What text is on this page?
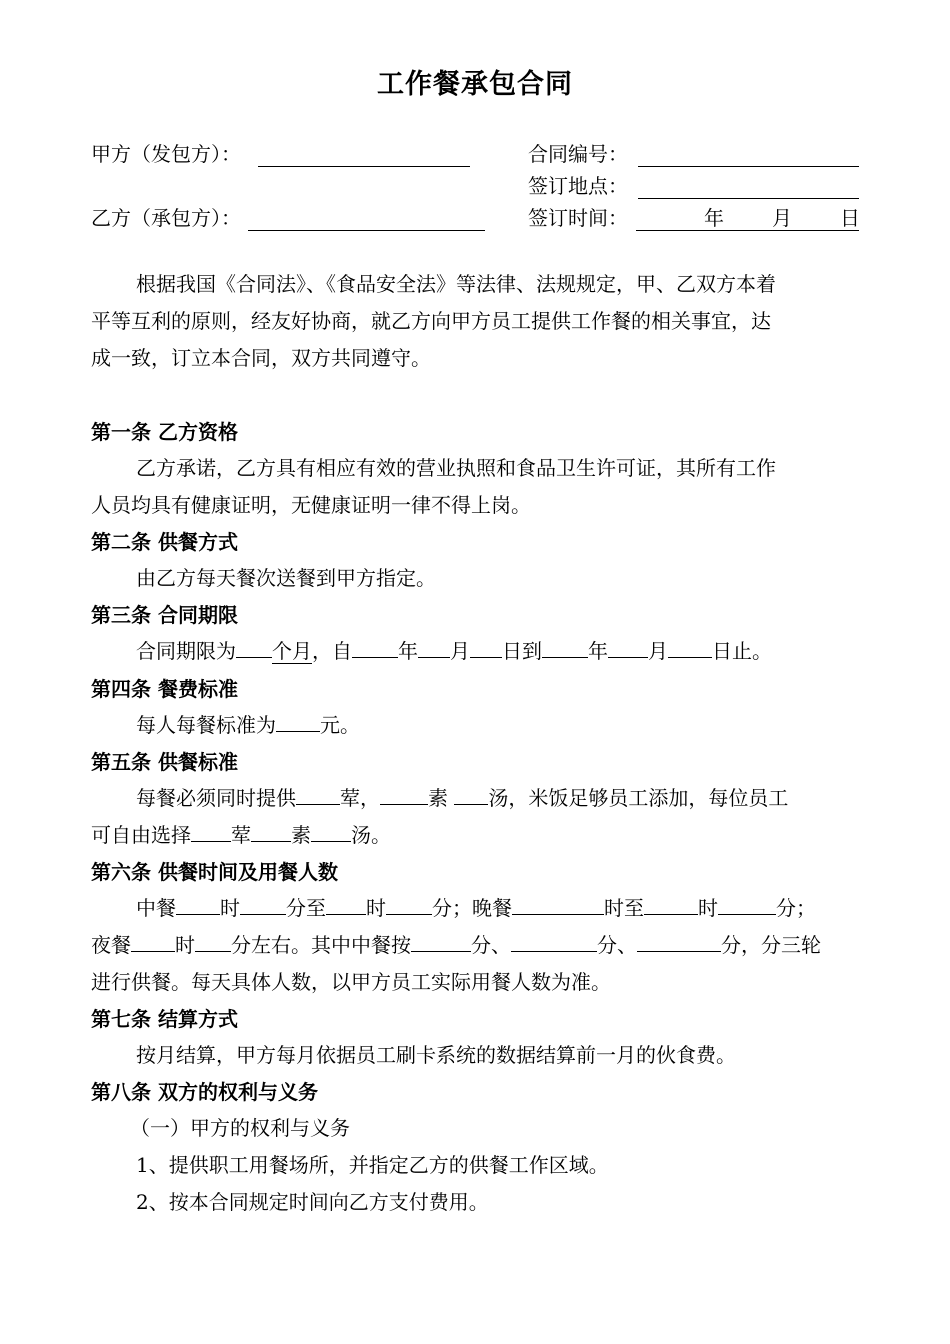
工作餐承包合同
甲方（发包方）：
乙方（承包方）：
合同编号：
签订地点：
签订时间：	年 月 日
根据我国《合同法》、《食品安全法》等法律、法规规定，甲、乙双方本着
平等互利的原则，经友好协商，就乙方向甲方员工提供工作餐的相关事宜，达
成一致，订立本合同，双方共同遵守。
第一条 乙方资格
乙方承诺，乙方具有相应有效的营业执照和食品卫生许可证，其所有工作
人员均具有健康证明，无健康证明一律不得上岗。
第二条 供餐方式
由乙方每天餐次送餐到甲方指定。
第三条 合同期限
合同期限为 个月，自 年 月 日到 年 月 日止。
第四条 餐费标准
每人每餐标准为 元。
第五条 供餐标准
每餐必须同时提供 荤， 素 汤，米饭足够员工添加，每位员工
可自由选择 荤 素 汤。
第六条 供餐时间及用餐人数
中餐 时 分至 时 分；晚餐	时至	时	分；
夜餐 时 分左右。其中中餐按	分、	分、	分，分三轮
进行供餐。每天具体人数，以甲方员工实际用餐人数为准。
第七条 结算方式
按月结算，甲方每月依据员工刷卡系统的数据结算前一月的伙食费。
第八条 双方的权利与义务
（一）甲方的权利与义务
1、提供职工用餐场所，并指定乙方的供餐工作区域。
2、按本合同规定时间向乙方支付费用。
